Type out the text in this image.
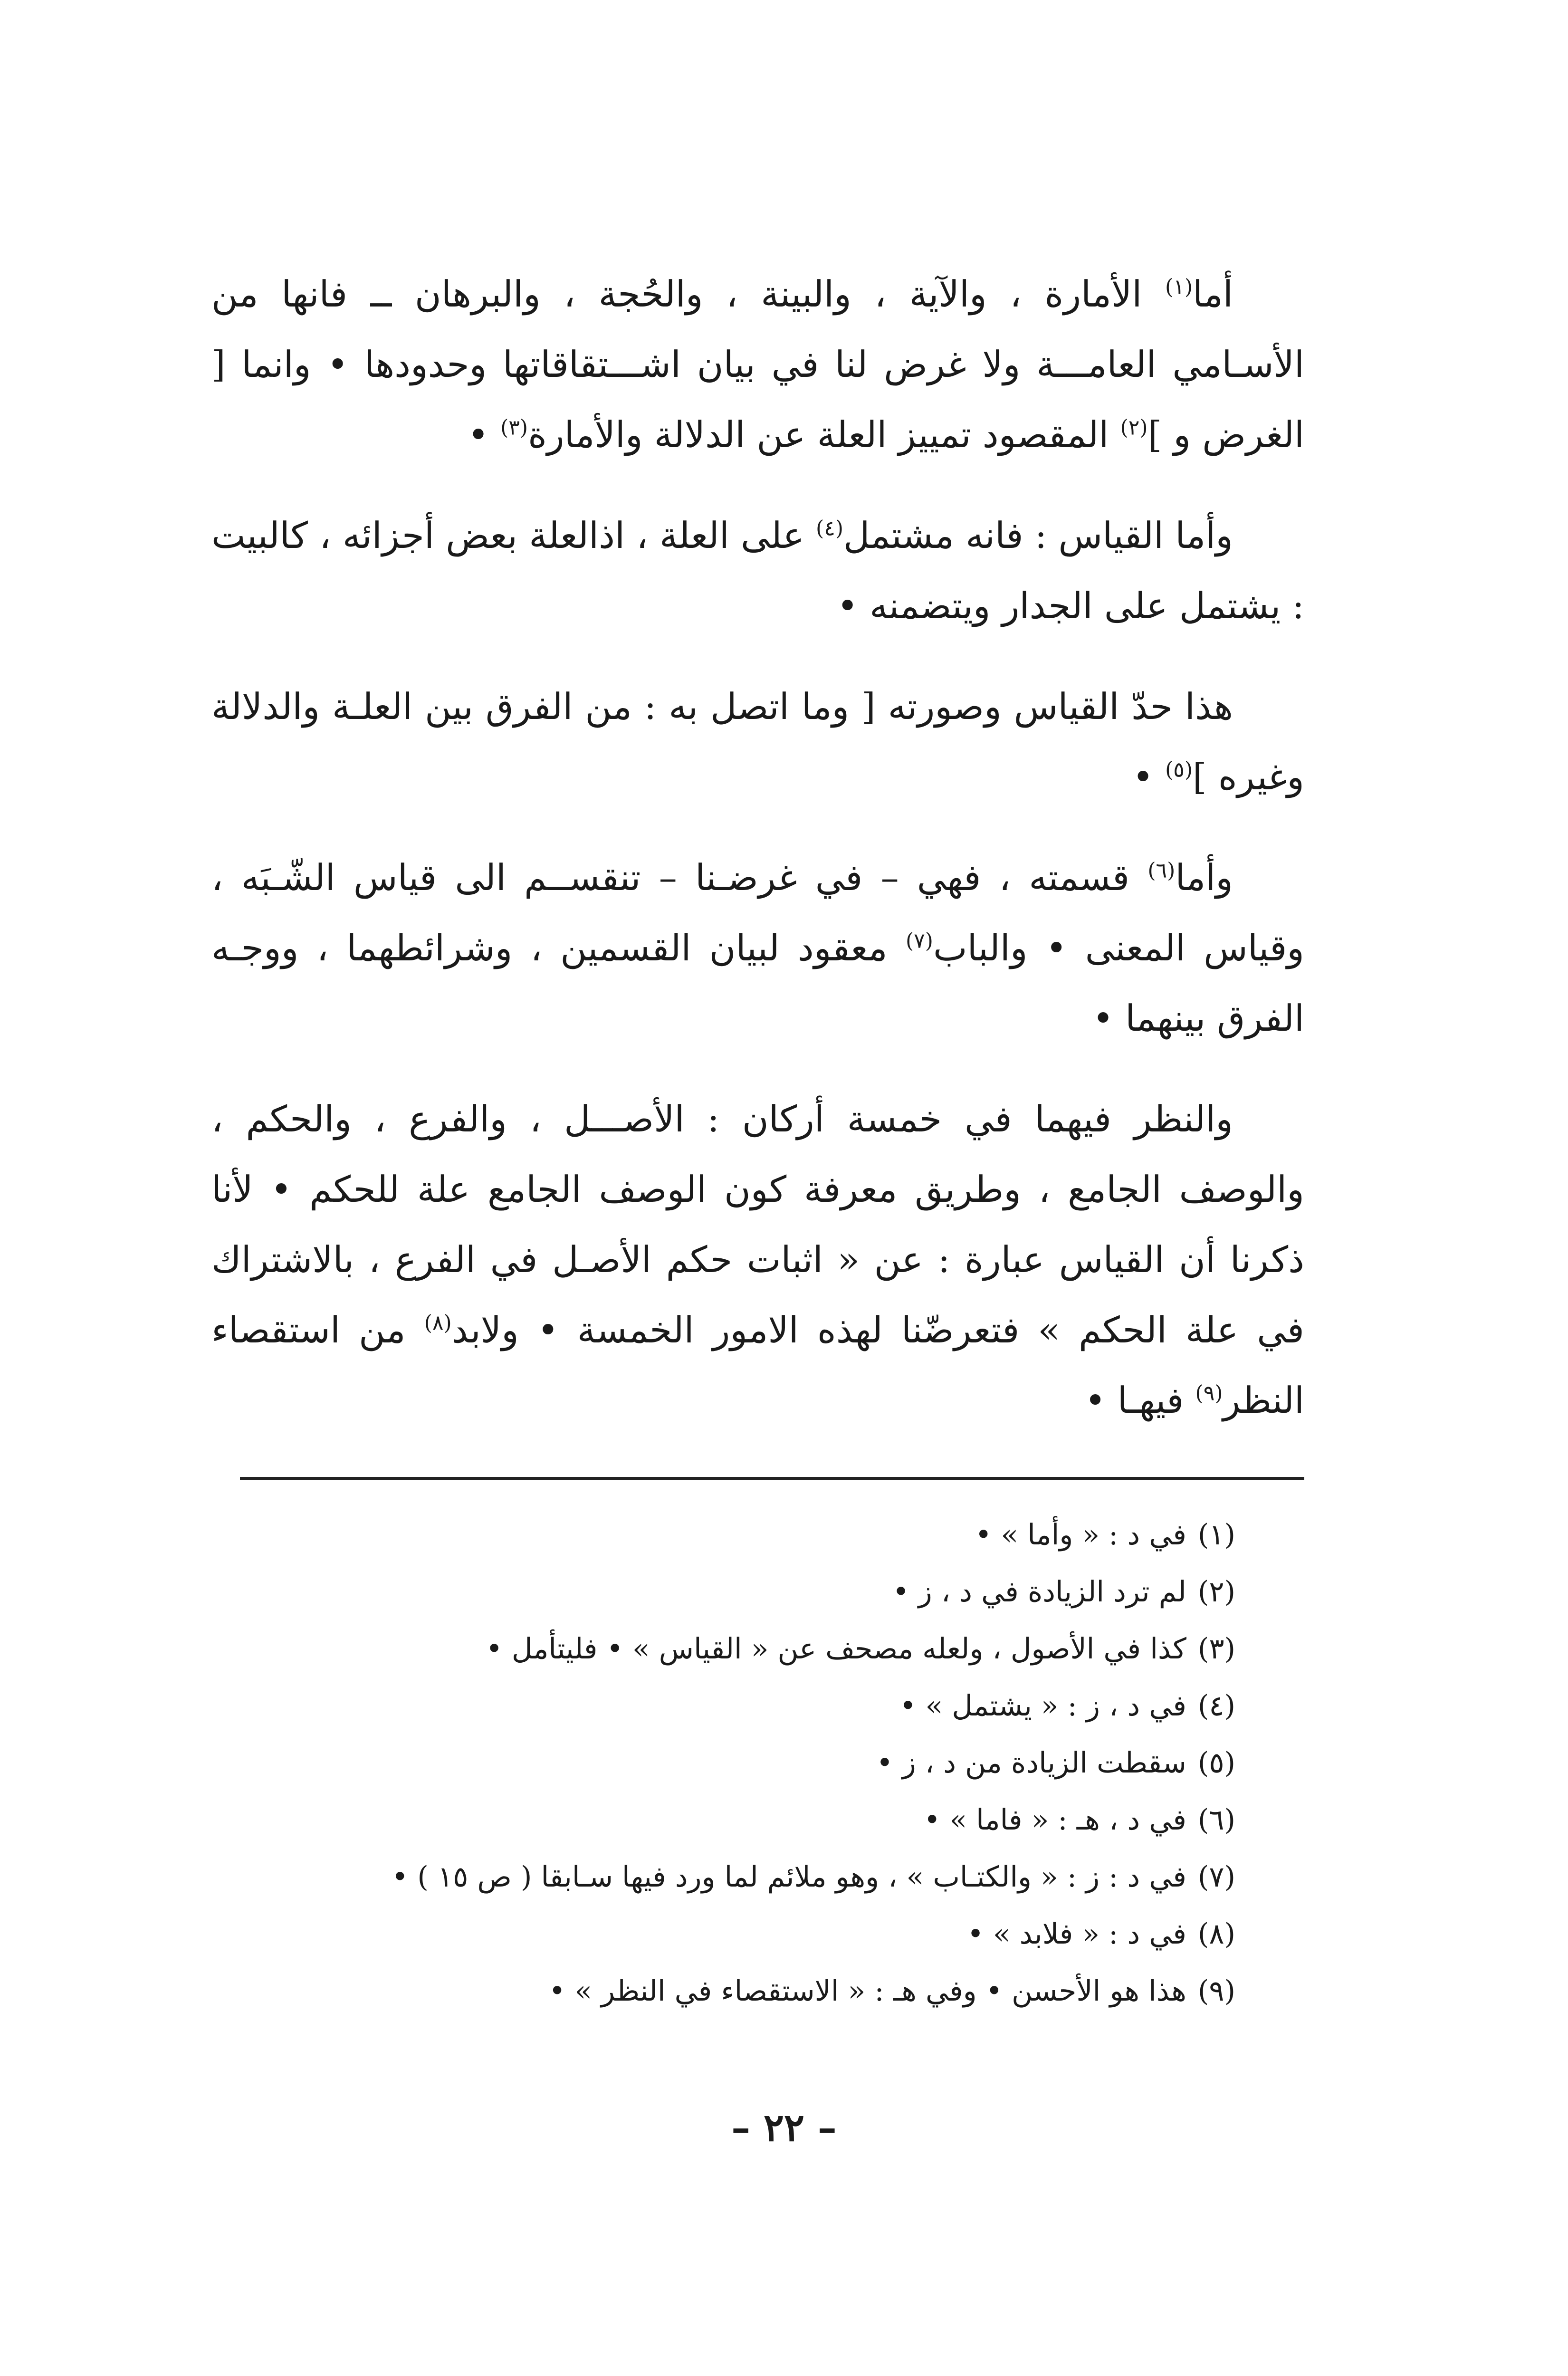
أما$^{(١)}$ الأمارة ، والآية ، والبينة ، والحُجة ، والبرهان ــ فانها من الأسـامي العامـــة ولا غرض لنا في بيان اشـــتقاقاتها وحدودها • وانما [ الغرض و ]$^{(٢)}$ المقصود تمييز العلة عن الدلالة والأمارة$^{(٣)}$ •

وأما القياس : فانه مشتمل$^{(٤)}$ على العلة ، اذالعلة بعض أجزائه ، كالبيت : يشتمل على الجدار ويتضمنه •

هذا حدّ القياس وصورته [ وما اتصل به : من الفرق بين العلـة والدلالة وغيره ]$^{(٥)}$ •

وأما$^{(٦)}$ قسمته ، فهي – في غرضـنا – تنقســم الى قياس الشّـبَه ، وقياس المعنى • والباب$^{(٧)}$ معقود لبيان القسمين ، وشرائطهما ، ووجـه الفرق بينهما •

والنظر فيهما في خمسة أركان : الأصـــل ، والفرع ، والحكم ، والوصف الجامع ، وطريق معرفة كون الوصف الجامع علة للحكم • لأنا ذكرنا أن القياس عبارة : عن « اثبات حكم الأصـل في الفرع ، بالاشتراك في علة الحكم » فتعرضّنا لهذه الامور الخمسة • ولابد$^{(٨)}$ من استقصاء النظر$^{(٩)}$ فيهـا •

(١)في د : « وأما » •
(٢)لم ترد الزيادة في د ، ز •
(٣)كذا في الأصول ، ولعله مصحف عن « القياس » • فليتأمل •
(٤)في د ، ز : « يشتمل » •
(٥)سقطت الزيادة من د ، ز •
(٦)في د ، هـ : « فاما » •
(٧)في د : ز : « والكتـاب » ، وهو ملائم لما ورد فيها سـابقا ( ص ١٥ ) •
(٨)في د : « فلابد » •
(٩)هذا هو الأحسن • وفي هـ : « الاستقصاء في النظر » •
– ٢٢ –
